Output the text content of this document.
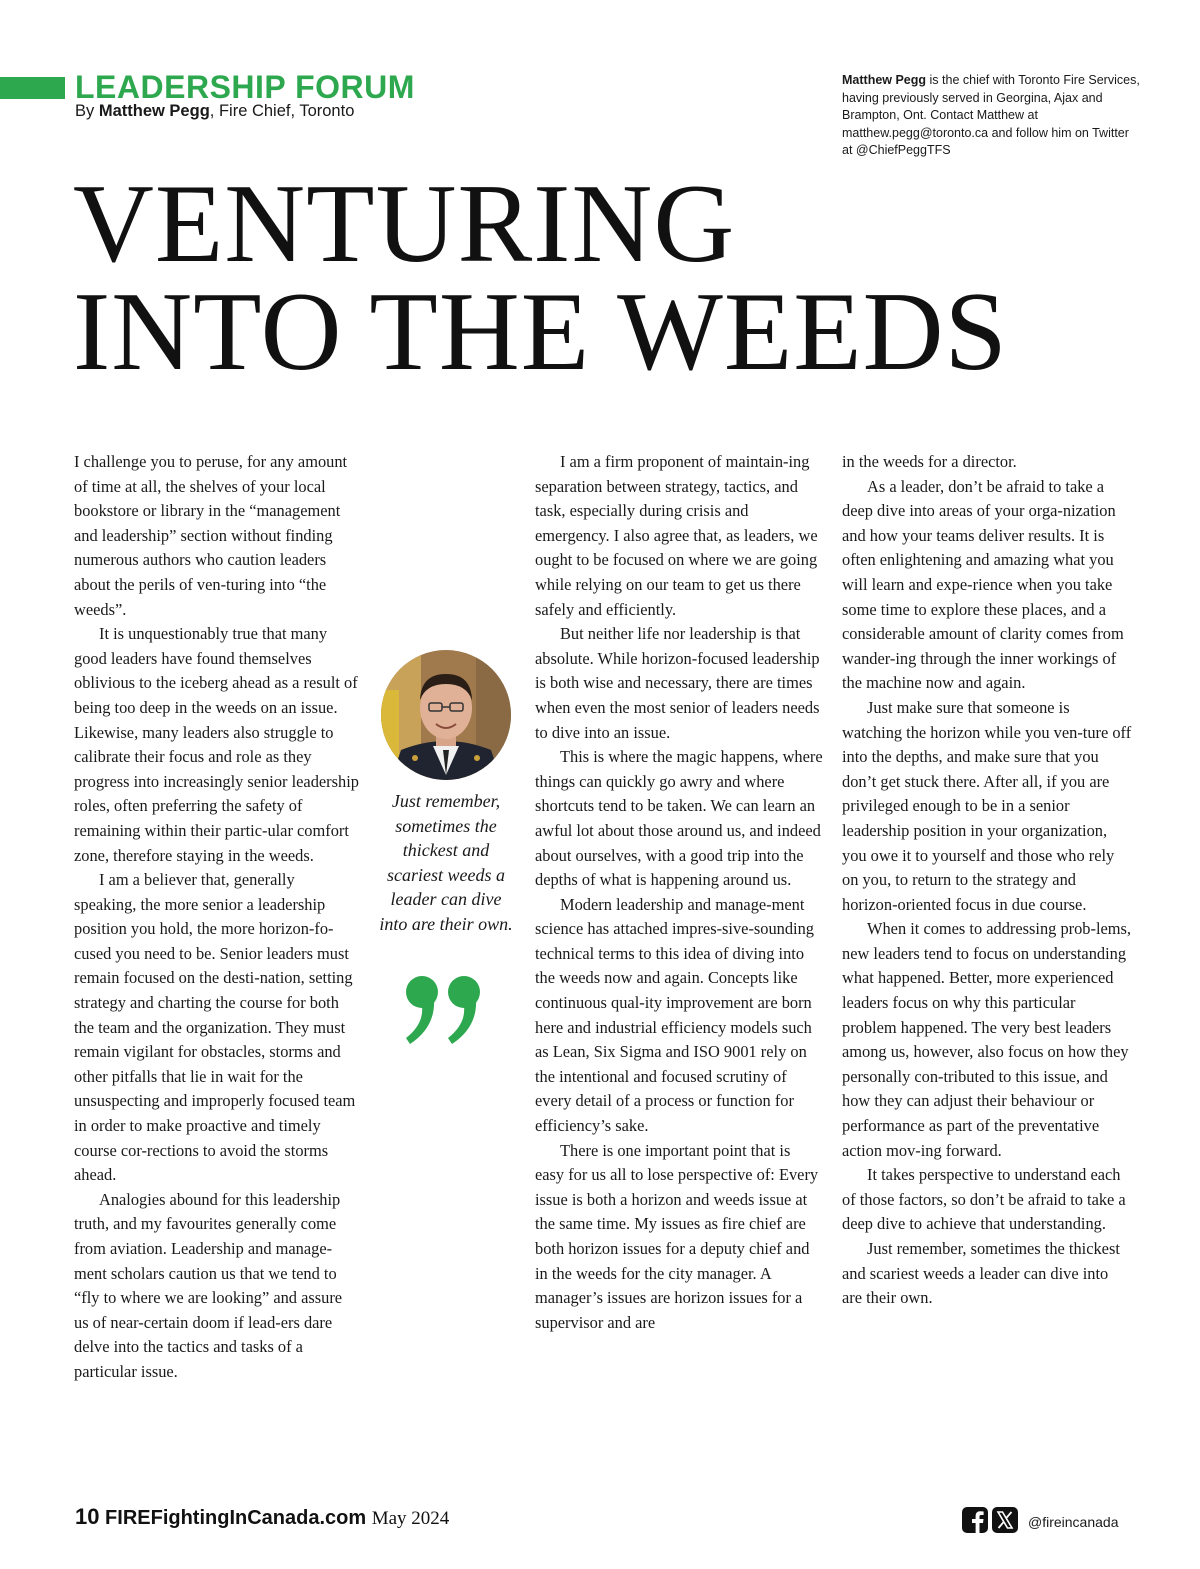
LEADERSHIP FORUM
By Matthew Pegg, Fire Chief, Toronto

Matthew Pegg is the chief with Toronto Fire Services, having previously served in Georgina, Ajax and Brampton, Ont. Contact Matthew at matthew.pegg@toronto.ca and follow him on Twitter at @ChiefPeggTFS

VENTURING
INTO THE WEEDS

I challenge you to peruse, for any amount of time at all, the shelves of your local bookstore or library in the “management and leadership” section without finding numerous authors who caution leaders about the perils of ven-turing into “the weeds”.

It is unquestionably true that many good leaders have found themselves oblivious to the iceberg ahead as a result of being too deep in the weeds on an issue. Likewise, many leaders also struggle to calibrate their focus and role as they progress into increasingly senior leadership roles, often preferring the safety of remaining within their partic-ular comfort zone, therefore staying in the weeds.

I am a believer that, generally speaking, the more senior a leadership position you hold, the more horizon-fo-cused you need to be. Senior leaders must remain focused on the desti-nation, setting strategy and charting the course for both the team and the organization. They must remain vigilant for obstacles, storms and other pitfalls that lie in wait for the unsuspecting and improperly focused team in order to make proactive and timely course cor-rections to avoid the storms ahead.

Analogies abound for this leadership truth, and my favourites generally come from aviation. Leadership and manage-ment scholars caution us that we tend to “fly to where we are looking” and assure us of near-certain doom if lead-ers dare delve into the tactics and tasks of a particular issue.

Just remember, sometimes the thickest and scariest weeds a leader can dive into are their own.

I am a firm proponent of maintain-ing separation between strategy, tactics, and task, especially during crisis and emergency. I also agree that, as leaders, we ought to be focused on where we are going while relying on our team to get us there safely and efficiently.

But neither life nor leadership is that absolute. While horizon-focused leadership is both wise and necessary, there are times when even the most senior of leaders needs to dive into an issue.

This is where the magic happens, where things can quickly go awry and where shortcuts tend to be taken. We can learn an awful lot about those around us, and indeed about ourselves, with a good trip into the depths of what is happening around us.

Modern leadership and manage-ment science has attached impres-sive-sounding technical terms to this idea of diving into the weeds now and again. Concepts like continuous qual-ity improvement are born here and industrial efficiency models such as Lean, Six Sigma and ISO 9001 rely on the intentional and focused scrutiny of every detail of a process or function for efficiency’s sake.

There is one important point that is easy for us all to lose perspective of: Every issue is both a horizon and weeds issue at the same time. My issues as fire chief are both horizon issues for a deputy chief and in the weeds for the city manager. A manager’s issues are horizon issues for a supervisor and are

in the weeds for a director.

As a leader, don’t be afraid to take a deep dive into areas of your orga-nization and how your teams deliver results. It is often enlightening and amazing what you will learn and expe-rience when you take some time to explore these places, and a considerable amount of clarity comes from wander-ing through the inner workings of the machine now and again.

Just make sure that someone is watching the horizon while you ven-ture off into the depths, and make sure that you don’t get stuck there. After all, if you are privileged enough to be in a senior leadership position in your organization, you owe it to yourself and those who rely on you, to return to the strategy and horizon-oriented focus in due course.

When it comes to addressing prob-lems, new leaders tend to focus on understanding what happened. Better, more experienced leaders focus on why this particular problem happened. The very best leaders among us, however, also focus on how they personally con-tributed to this issue, and how they can adjust their behaviour or performance as part of the preventative action mov-ing forward.

It takes perspective to understand each of those factors, so don’t be afraid to take a deep dive to achieve that understanding.

Just remember, sometimes the thickest and scariest weeds a leader can dive into are their own.

10 FIREFightingInCanada.com May 2024	@fireincanada
